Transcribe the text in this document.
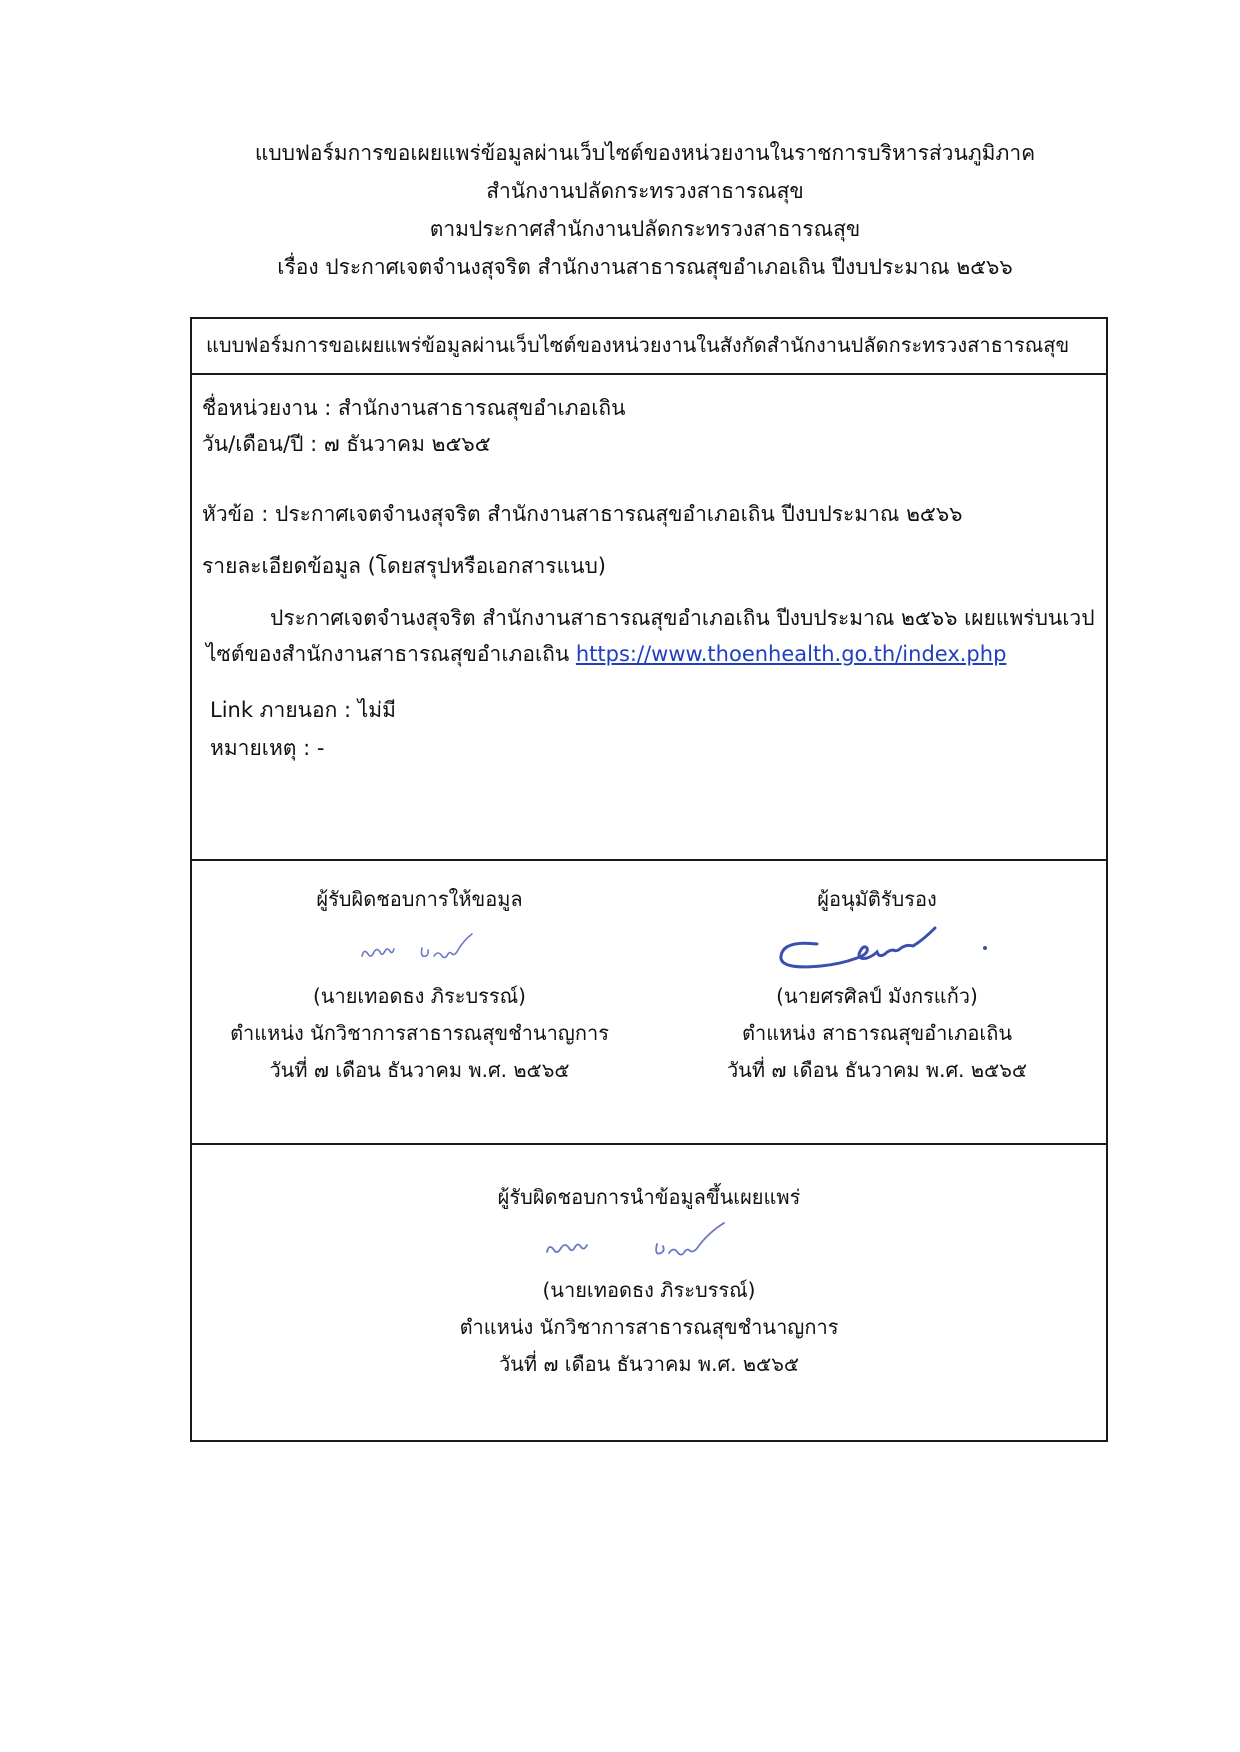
แบบฟอร์มการขอเผยแพร่ข้อมูลผ่านเว็บไซต์ของหน่วยงานในราชการบริหารส่วนภูมิภาค
สำนักงานปลัดกระทรวงสาธารณสุข
ตามประกาศสำนักงานปลัดกระทรวงสาธารณสุข
เรื่อง ประกาศเจตจำนงสุจริต สำนักงานสาธารณสุขอำเภอเถิน ปีงบประมาณ ๒๕๖๖
แบบฟอร์มการขอเผยแพร่ข้อมูลผ่านเว็บไซต์ของหน่วยงานในสังกัดสำนักงานปลัดกระทรวงสาธารณสุข
ชื่อหน่วยงาน : สำนักงานสาธารณสุขอำเภอเถิน
วัน/เดือน/ปี : ๗ ธันวาคม ๒๕๖๕
หัวข้อ : ประกาศเจตจำนงสุจริต สำนักงานสาธารณสุขอำเภอเถิน ปีงบประมาณ ๒๕๖๖
รายละเอียดข้อมูล (โดยสรุปหรือเอกสารแนบ)
ประกาศเจตจำนงสุจริต สำนักงานสาธารณสุขอำเภอเถิน ปีงบประมาณ ๒๕๖๖ เผยแพร่บนเวป
ไซต์ของสำนักงานสาธารณสุขอำเภอเถิน https://www.thoenhealth.go.th/index.php
Link ภายนอก : ไม่มี
หมายเหตุ : -
ผู้รับผิดชอบการให้ขอมูล
(นายเทอดธง ภิระบรรณ์)
ตำแหน่ง นักวิชาการสาธารณสุขชำนาญการ
วันที่ ๗ เดือน ธันวาคม พ.ศ. ๒๕๖๕
ผู้อนุมัติรับรอง
(นายศรศิลป์ มังกรแก้ว)
ตำแหน่ง สาธารณสุขอำเภอเถิน
วันที่ ๗ เดือน ธันวาคม พ.ศ. ๒๕๖๕
ผู้รับผิดชอบการนำข้อมูลขึ้นเผยแพร่
(นายเทอดธง ภิระบรรณ์)
ตำแหน่ง นักวิชาการสาธารณสุขชำนาญการ
วันที่ ๗ เดือน ธันวาคม พ.ศ. ๒๕๖๕
